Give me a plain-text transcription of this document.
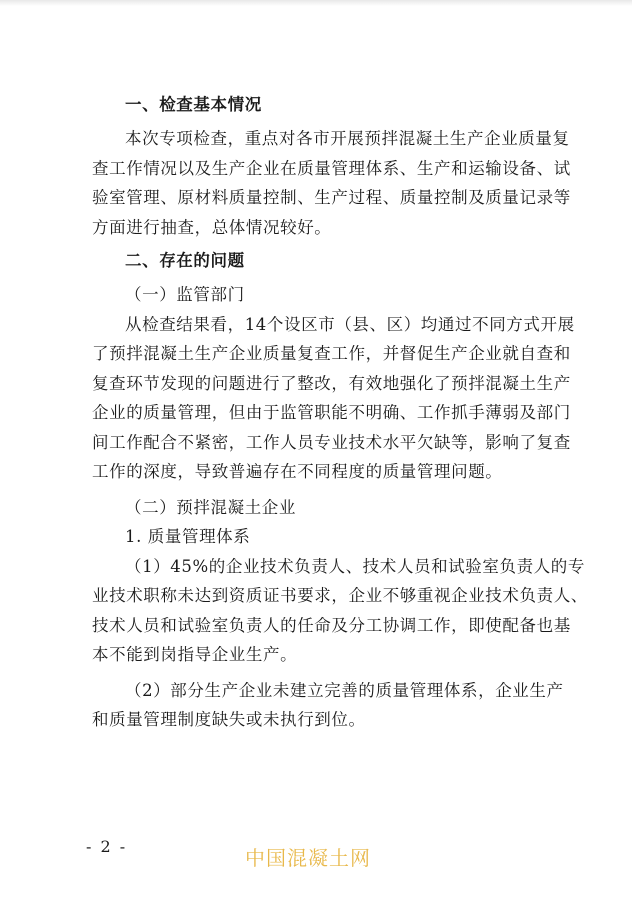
一、检查基本情况
本次专项检查，重点对各市开展预拌混凝土生产企业质量复
查工作情况以及生产企业在质量管理体系、生产和运输设备、试
验室管理、原材料质量控制、生产过程、质量控制及质量记录等
方面进行抽查，总体情况较好。
二、存在的问题
（一）监管部门
从检查结果看，14个设区市（县、区）均通过不同方式开展
了预拌混凝土生产企业质量复查工作，并督促生产企业就自查和
复查环节发现的问题进行了整改，有效地强化了预拌混凝土生产
企业的质量管理，但由于监管职能不明确、工作抓手薄弱及部门
间工作配合不紧密，工作人员专业技术水平欠缺等，影响了复查
工作的深度，导致普遍存在不同程度的质量管理问题。
（二）预拌混凝土企业
1. 质量管理体系
（1）45%的企业技术负责人、技术人员和试验室负责人的专
业技术职称未达到资质证书要求，企业不够重视企业技术负责人、
技术人员和试验室负责人的任命及分工协调工作，即使配备也基
本不能到岗指导企业生产。
（2）部分生产企业未建立完善的质量管理体系，企业生产
和质量管理制度缺失或未执行到位。
- 2 -	中国混凝土网
